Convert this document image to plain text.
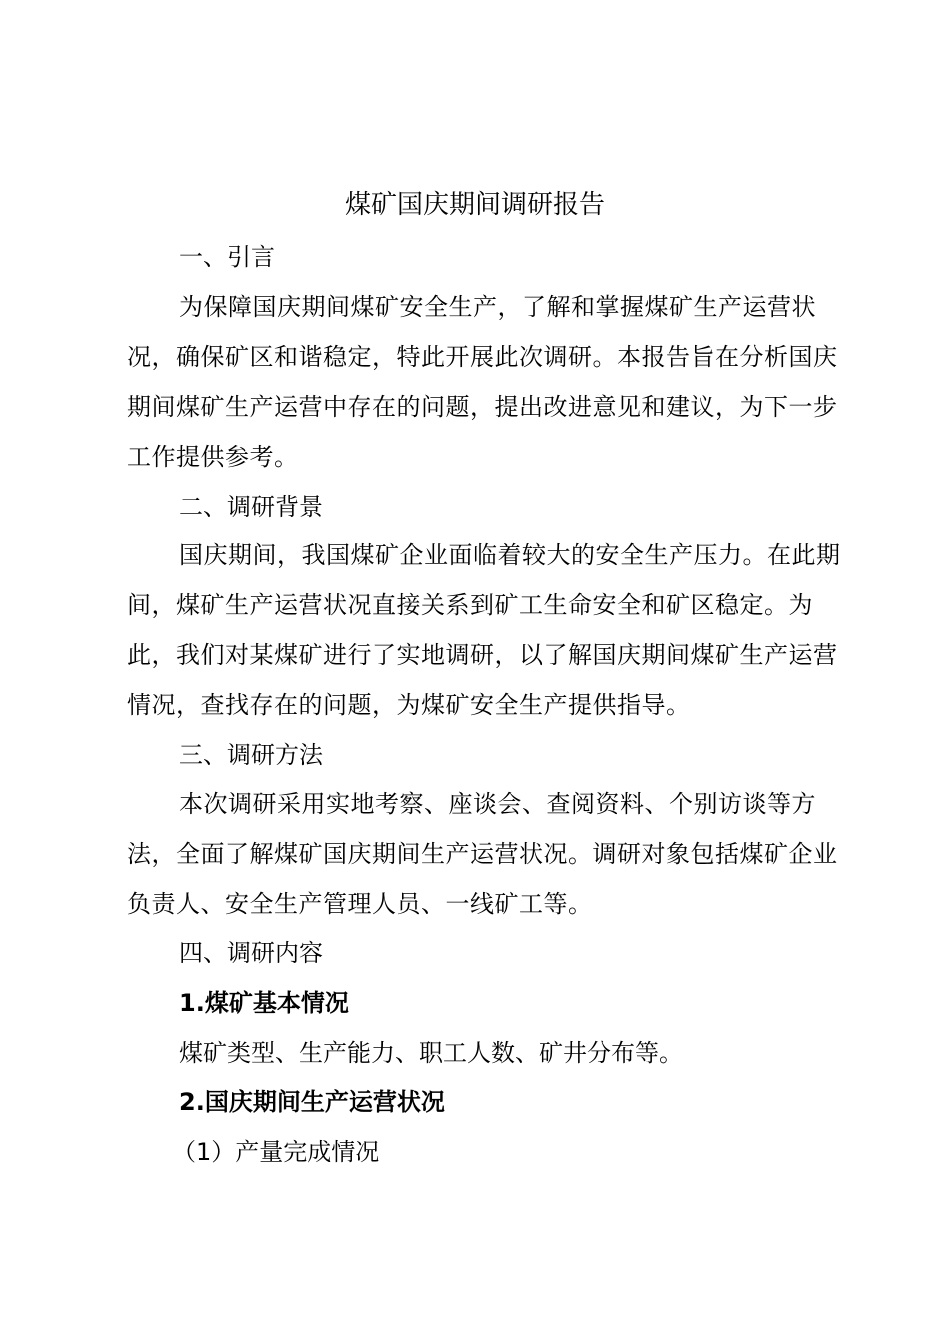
煤矿国庆期间调研报告
一、引言
为保障国庆期间煤矿安全生产，了解和掌握煤矿生产运营状况，确保矿区和谐稳定，特此开展此次调研。本报告旨在分析国庆期间煤矿生产运营中存在的问题，提出改进意见和建议，为下一步工作提供参考。
二、调研背景
国庆期间，我国煤矿企业面临着较大的安全生产压力。在此期间，煤矿生产运营状况直接关系到矿工生命安全和矿区稳定。为此，我们对某煤矿进行了实地调研，以了解国庆期间煤矿生产运营情况，查找存在的问题，为煤矿安全生产提供指导。
三、调研方法
本次调研采用实地考察、座谈会、查阅资料、个别访谈等方法，全面了解煤矿国庆期间生产运营状况。调研对象包括煤矿企业负责人、安全生产管理人员、一线矿工等。
四、调研内容
1.煤矿基本情况
煤矿类型、生产能力、职工人数、矿井分布等。
2.国庆期间生产运营状况
（1）产量完成情况
